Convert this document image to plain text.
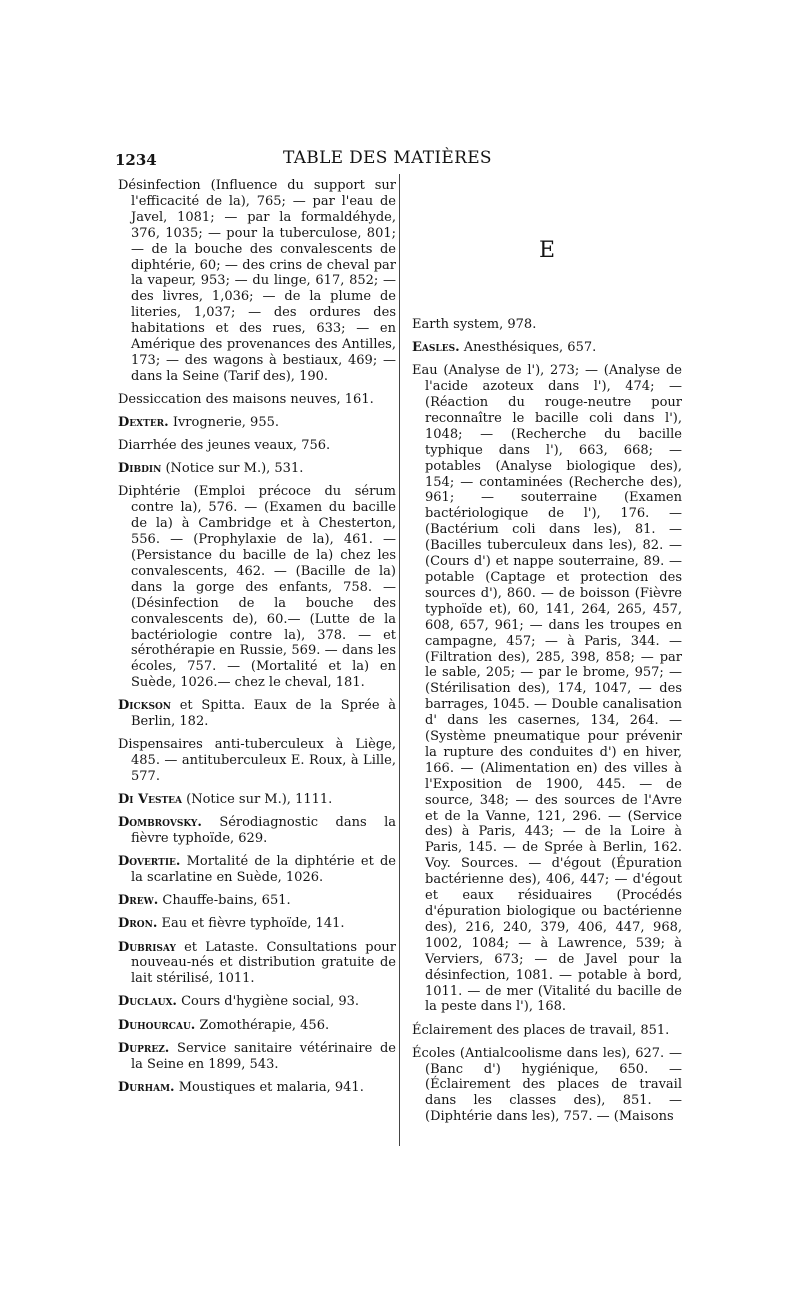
1234	TABLE DES MATIÈRES
E

Désinfection (Influence du support sur l'efficacité de la), 765; — par l'eau de Javel, 1081; — par la formaldéhyde, 376, 1035; — pour la tuberculose, 801; — de la bouche des convalescents de diphtérie, 60; — des crins de cheval par la vapeur, 953; — du linge, 617, 852; — des livres, 1,036; — de la plume de literies, 1,037; — des ordures des habitations et des rues, 633; — en Amérique des provenances des Antilles, 173; — des wagons à bestiaux, 469; — dans la Seine (Tarif des), 190.

Dessiccation des maisons neuves, 161.

Dexter. Ivrognerie, 955.

Diarrhée des jeunes veaux, 756.

Dibdin (Notice sur M.), 531.

Diphtérie (Emploi précoce du sérum contre la), 576. — (Examen du bacille de la) à Cambridge et à Chesterton, 556. — (Prophylaxie de la), 461. — (Persistance du bacille de la) chez les convalescents, 462. — (Bacille de la) dans la gorge des enfants, 758. — (Désinfection de la bouche des convalescents de), 60.— (Lutte de la bactériologie contre la), 378. — et sérothérapie en Russie, 569. — dans les écoles, 757. — (Mortalité et la) en Suède, 1026.— chez le cheval, 181.

Dickson et Spitta. Eaux de la Sprée à Berlin, 182.

Dispensaires anti-tuberculeux à Liège, 485. — antituberculeux E. Roux, à Lille, 577.

Di Vestea (Notice sur M.), 1111.

Dombrovsky. Sérodiagnostic dans la fièvre typhoïde, 629.

Dovertie. Mortalité de la diphtérie et de la scarlatine en Suède, 1026.

Drew. Chauffe-bains, 651.

Dron. Eau et fièvre typhoïde, 141.

Dubrisay et Lataste. Consultations pour nouveau-nés et distribution gratuite de lait stérilisé, 1011.

Duclaux. Cours d'hygiène social, 93.

Duhourcau. Zomothérapie, 456.

Duprez. Service sanitaire vétérinaire de la Seine en 1899, 543.

Durham. Moustiques et malaria, 941.

Earth system, 978.

Easles. Anesthésiques, 657.

Eau (Analyse de l'), 273; — (Analyse de l'acide azoteux dans l'), 474; — (Réaction du rouge-neutre pour reconnaître le bacille coli dans l'), 1048; — (Recherche du bacille typhique dans l'), 663, 668; — potables (Analyse biologique des), 154; — contaminées (Recherche des), 961; — souterraine (Examen bactériologique de l'), 176. — (Bactérium coli dans les), 81. — (Bacilles tuberculeux dans les), 82. — (Cours d') et nappe souterraine, 89. — potable (Captage et protection des sources d'), 860. — de boisson (Fièvre typhoïde et), 60, 141, 264, 265, 457, 608, 657, 961; — dans les troupes en campagne, 457; — à Paris, 344. — (Filtration des), 285, 398, 858; — par le sable, 205; — par le brome, 957; — (Stérilisation des), 174, 1047, — des barrages, 1045. — Double canalisation d' dans les casernes, 134, 264. — (Système pneumatique pour prévenir la rupture des conduites d') en hiver, 166. — (Alimentation en) des villes à l'Exposition de 1900, 445. — de source, 348; — des sources de l'Avre et de la Vanne, 121, 296. — (Service des) à Paris, 443; — de la Loire à Paris, 145. — de Sprée à Berlin, 162. Voy. Sources. — d'égout (Épuration bactérienne des), 406, 447; — d'égout et eaux résiduaires (Procédés d'épuration biologique ou bactérienne des), 216, 240, 379, 406, 447, 968, 1002, 1084; — à Lawrence, 539; à Verviers, 673; — de Javel pour la désinfection, 1081. — potable à bord, 1011. — de mer (Vitalité du bacille de la peste dans l'), 168.

Éclairement des places de travail, 851.

Écoles (Antialcoolisme dans les), 627. — (Banc d') hygiénique, 650. — (Éclairement des places de travail dans les classes des), 851. — (Diphtérie dans les), 757. — (Maisons
